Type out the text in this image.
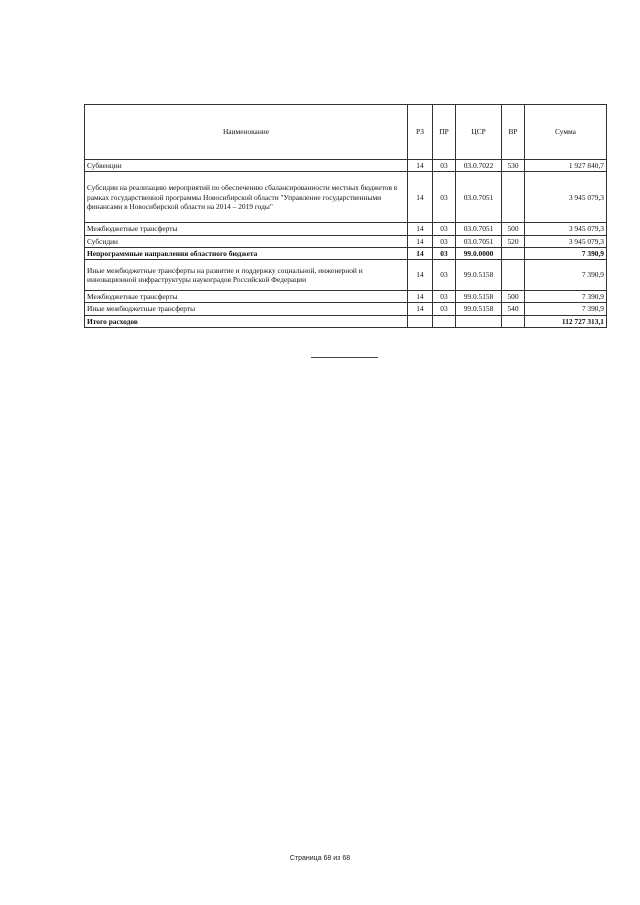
Наименование	РЗ	ПР	ЦСР	ВР	Сумма
Субвенции	14	03	03.0.7022	530	1 927 840,7
Субсидии на реализацию мероприятий по обеспечению сбалансированности местных бюджетов в рамках государственной программы Новосибирской области "Управление государственными финансами в Новосибирской области на 2014 – 2019 годы"	14	03	03.0.7051		3 945 079,3
Межбюджетные трансферты	14	03	03.0.7051	500	3 945 079,3
Субсидии	14	03	03.0.7051	520	3 945 079,3
Непрограммные направления областного бюджета	14	03	99.0.0000		7 390,9
Иные межбюджетные трансферты на развитие и поддержку социальной, инженерной и инновационной инфраструктуры наукоградов Российской Федерации	14	03	99.0.5158		7 390,9
Межбюджетные трансферты	14	03	99.0.5158	500	7 390,9
Иные межбюджетные трансферты	14	03	99.0.5158	540	7 390,9
Итого расходов					112 727 313,1
Страница 68 из 68
